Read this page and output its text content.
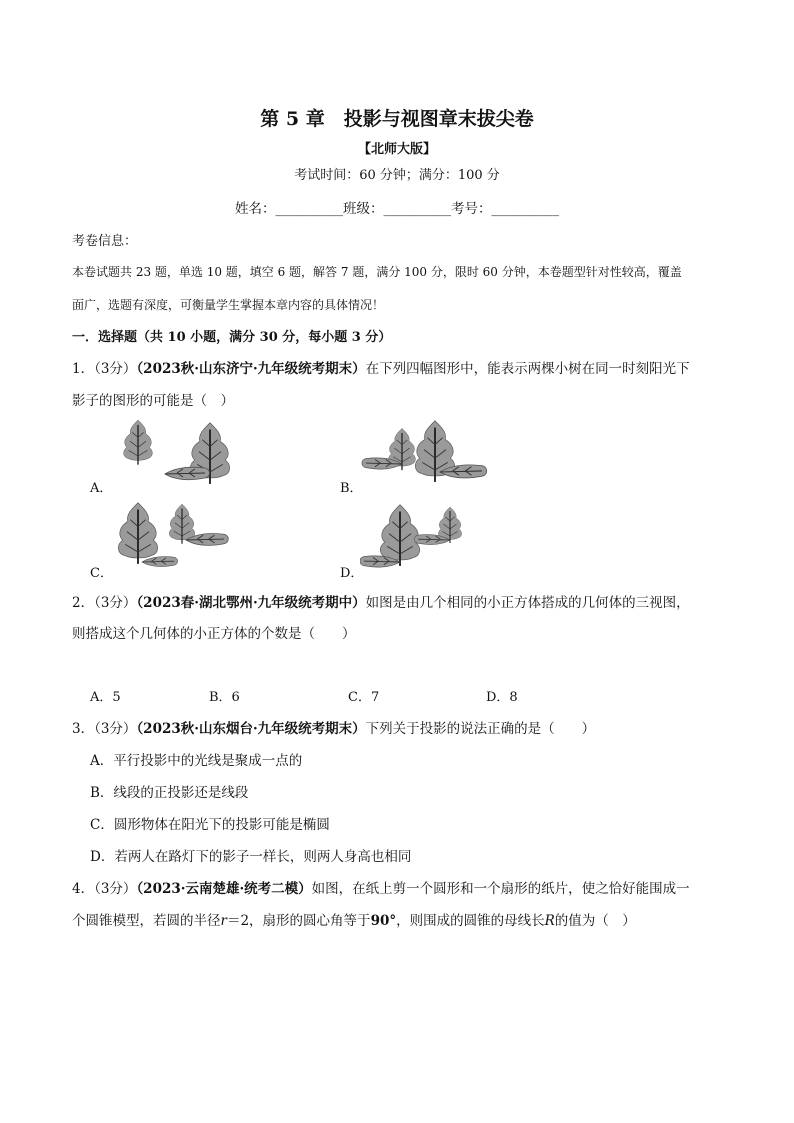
第 5 章　投影与视图章末拔尖卷
【北师大版】
考试时间：60 分钟；满分：100 分
姓名：__________班级：__________考号：__________
考卷信息：
本卷试题共 23 题，单选 10 题，填空 6 题，解答 7 题，满分 100 分，限时 60 分钟，本卷题型针对性较高，覆盖
面广，选题有深度，可衡量学生掌握本章内容的具体情况！
一．选择题（共 10 小题，满分 30 分，每小题 3 分）
1．（3分）（2023秋·山东济宁·九年级统考期末）在下列四幅图形中，能表示两棵小树在同一时刻阳光下
影子的图形的可能是（　）
A．	B．
C．	D．
2．（3分）（2023春·湖北鄂州·九年级统考期中）如图是由几个相同的小正方体搭成的几何体的三视图，
则搭成这个几何体的小正方体的个数是（　　）
A．5	B．6	C．7	D．8
3．（3分）（2023秋·山东烟台·九年级统考期末）下列关于投影的说法正确的是（　　）
A．平行投影中的光线是聚成一点的
B．线段的正投影还是线段
C．圆形物体在阳光下的投影可能是椭圆
D．若两人在路灯下的影子一样长，则两人身高也相同
4．（3分）（2023·云南楚雄·统考二模）如图，在纸上剪一个圆形和一个扇形的纸片，使之恰好能围成一
个圆锥模型，若圆的半径r＝2，扇形的圆心角等于90°，则围成的圆锥的母线长R的值为（　）
